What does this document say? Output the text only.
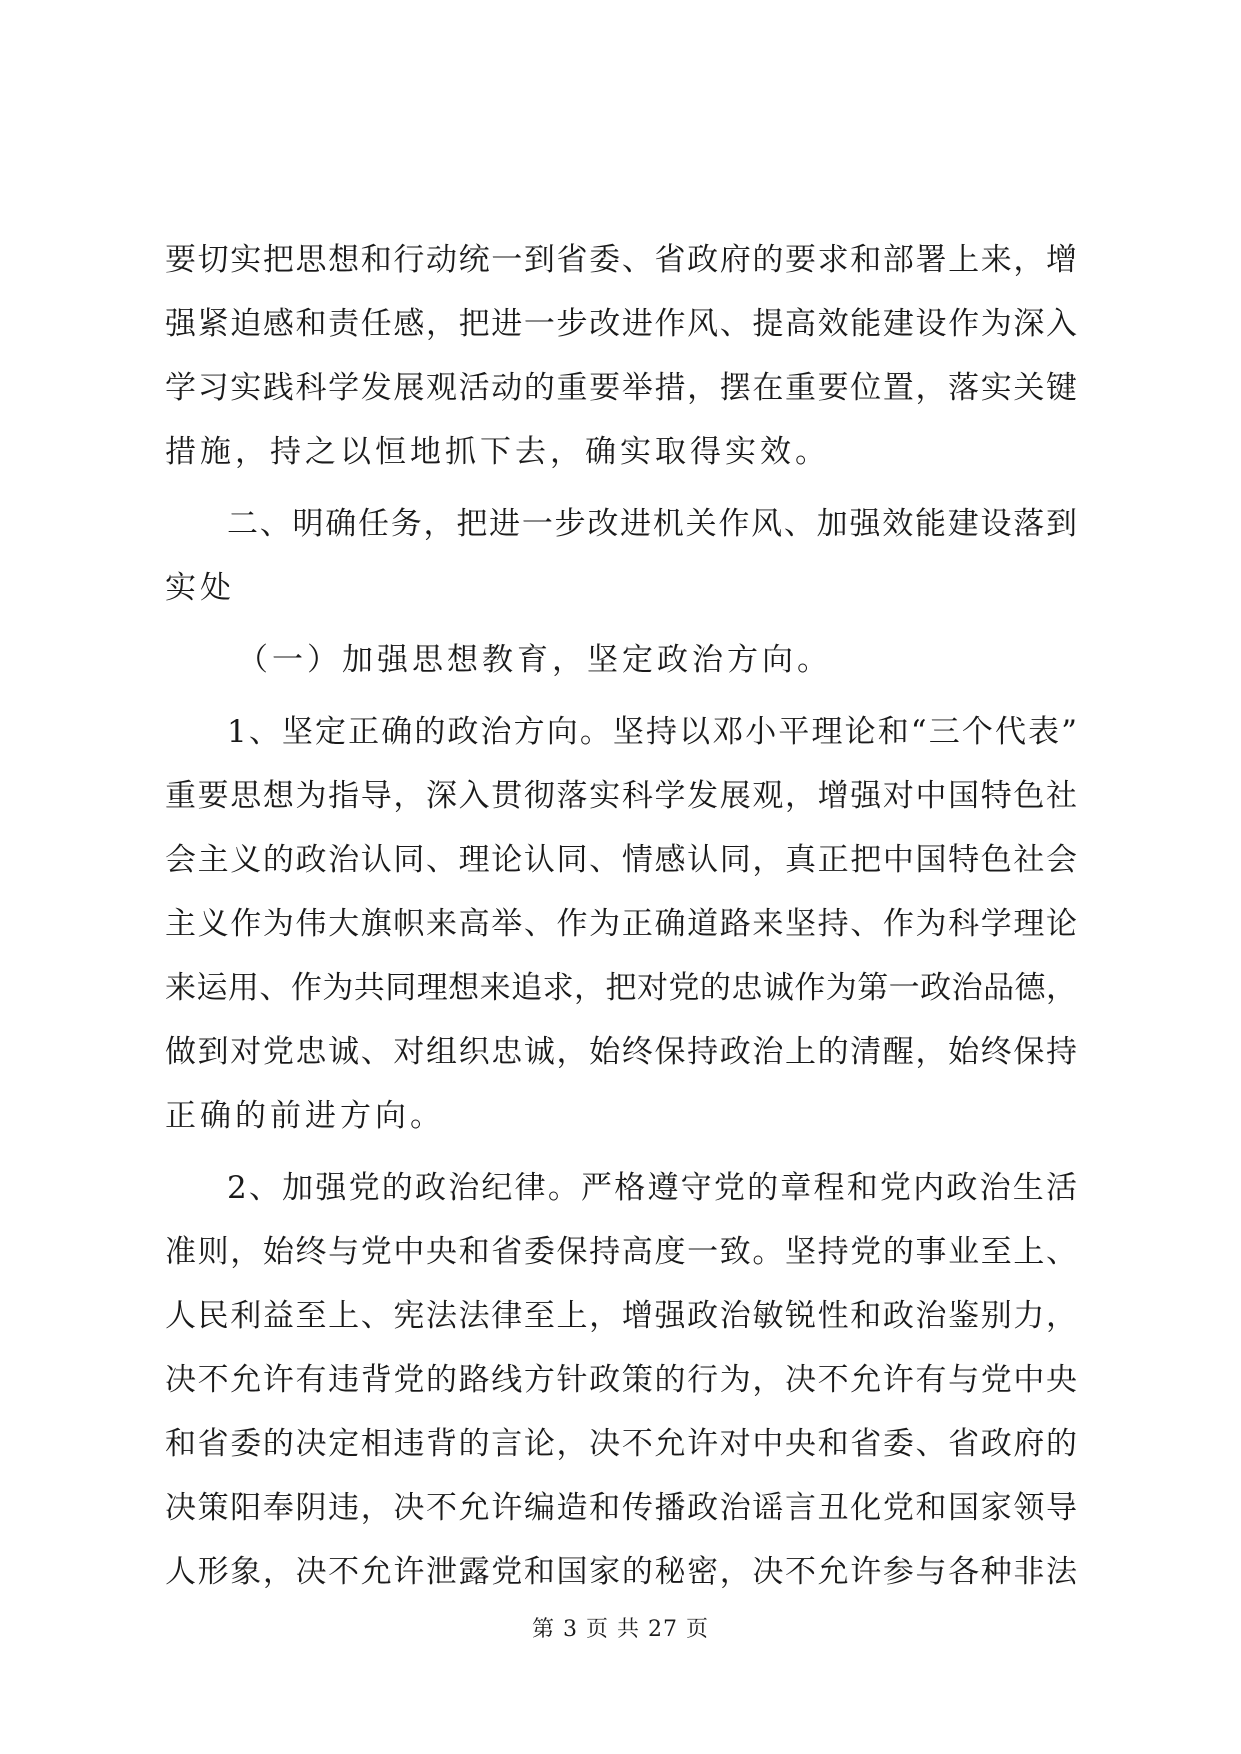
要切实把思想和行动统一到省委、省政府的要求和部署上来，增
强紧迫感和责任感，把进一步改进作风、提高效能建设作为深入
学习实践科学发展观活动的重要举措，摆在重要位置，落实关键
措施，持之以恒地抓下去，确实取得实效。
二、明确任务，把进一步改进机关作风、加强效能建设落到
实处
（一）加强思想教育，坚定政治方向。
1、坚定正确的政治方向。坚持以邓小平理论和“三个代表”
重要思想为指导，深入贯彻落实科学发展观，增强对中国特色社
会主义的政治认同、理论认同、情感认同，真正把中国特色社会
主义作为伟大旗帜来高举、作为正确道路来坚持、作为科学理论
来运用、作为共同理想来追求，把对党的忠诚作为第一政治品德，
做到对党忠诚、对组织忠诚，始终保持政治上的清醒，始终保持
正确的前进方向。
2、加强党的政治纪律。严格遵守党的章程和党内政治生活
准则，始终与党中央和省委保持高度一致。坚持党的事业至上、
人民利益至上、宪法法律至上，增强政治敏锐性和政治鉴别力，
决不允许有违背党的路线方针政策的行为，决不允许有与党中央
和省委的决定相违背的言论，决不允许对中央和省委、省政府的
决策阳奉阴违，决不允许编造和传播政治谣言丑化党和国家领导
人形象，决不允许泄露党和国家的秘密，决不允许参与各种非法
第 3 页 共 27 页
